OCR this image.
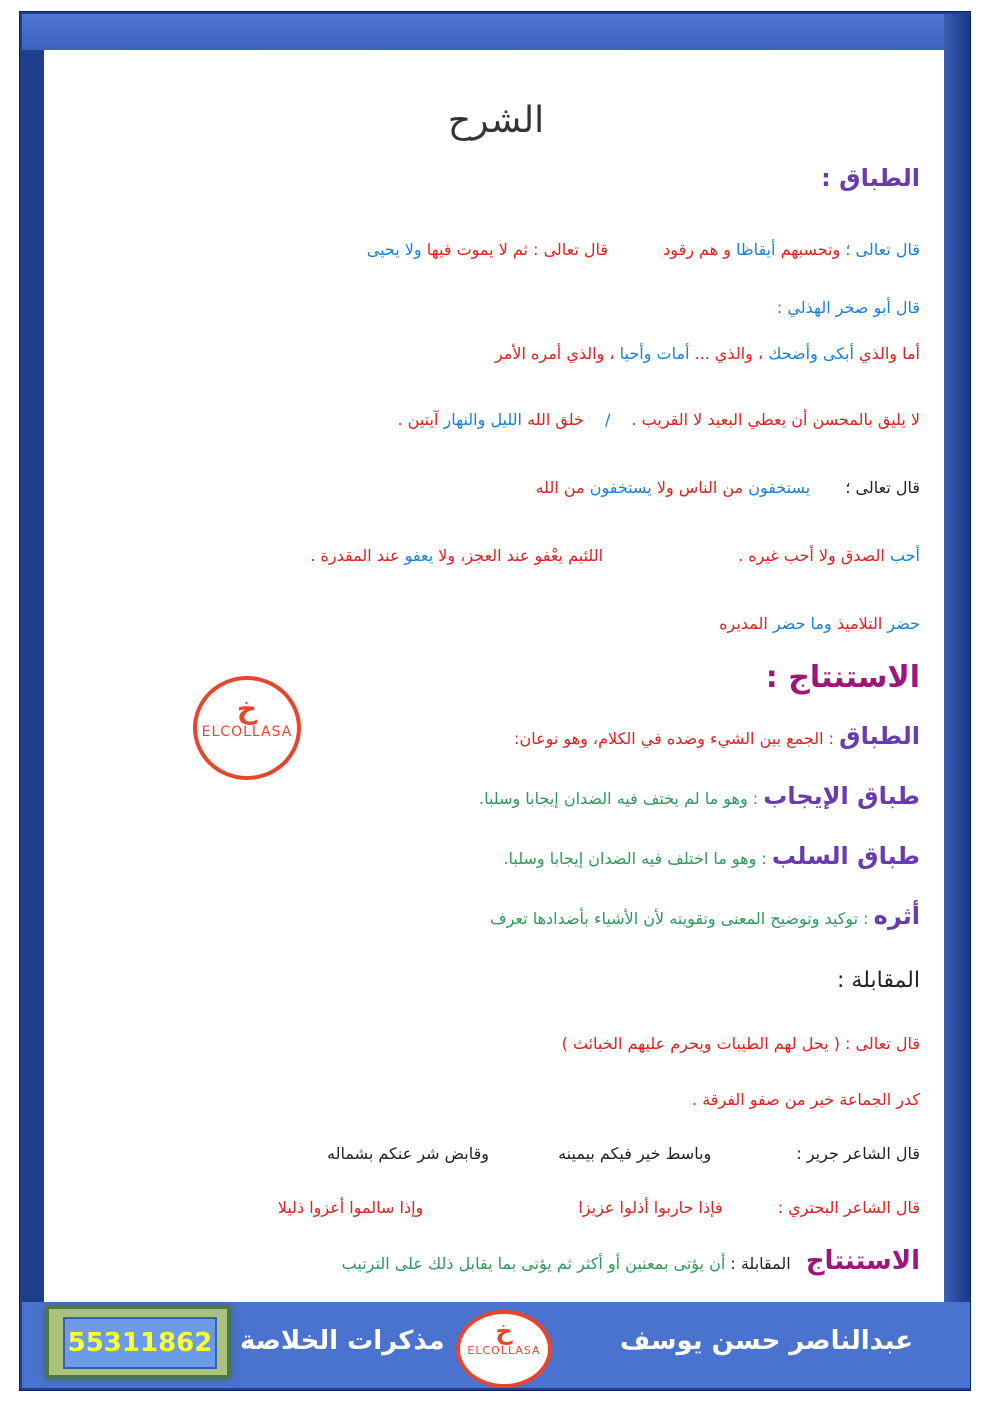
الشرح
الطباق :
قال تعالى ؛ وتحسبهم أيقاظا و هم رقود قال تعالى : ثم لا يموت فيها ولا يحيى
قال أبو صخر الهذلي :
أما والذي أبكى وأضحك ، والذي ... أمات وأحيا ، والذي أمره الأمر
لا يليق بالمحسن أن يعطي البعيد لا القريب . / خلق الله الليل والنهار آيتين .
قال تعالى ؛ يستخفون من الناس ولا يستخفون من الله
أحب الصدق ولا أحب غيره . اللئيم يعْفو عند العجز، ولا يعفو عند المقدرة .
حضر التلاميذ وما حضر المديره
الاستنتاج :
خ
ELCOLLASA	الطباق : الجمع بين الشيء وضده في الكلام، وهو نوعان:
طباق الإيجاب : وهو ما لم يختف فيه الضدان إيجابا وسلبا.
طباق السلب : وهو ما اختلف فيه الضدان إيجابا وسلبا.
أثره : توكيد وتوضيح المعنى وتقويته لأن الأشياء بأضدادها تعرف
المقابلة :
قال تعالى : ( يحل لهم الطيبات ويحرم عليهم الخبائث )
كدر الجماعة خير من صفو الفرقة .
قال الشاعر جرير : وباسط خير فيكم بيمينه وقابض شر عنكم بشماله
قال الشاعر البحتري : فإذا حاربوا أذلوا عزيزا وإذا سالموا أعزوا ذليلا
الاستنتاج المقابلة : أن يؤتى بمعنين أو أكثر ثم يؤتى بما يقابل ذلك على الترتيب
عبدالناصر حسن يوسف
خ
ELCOLLASA
مذكرات الخلاصة
55311862
